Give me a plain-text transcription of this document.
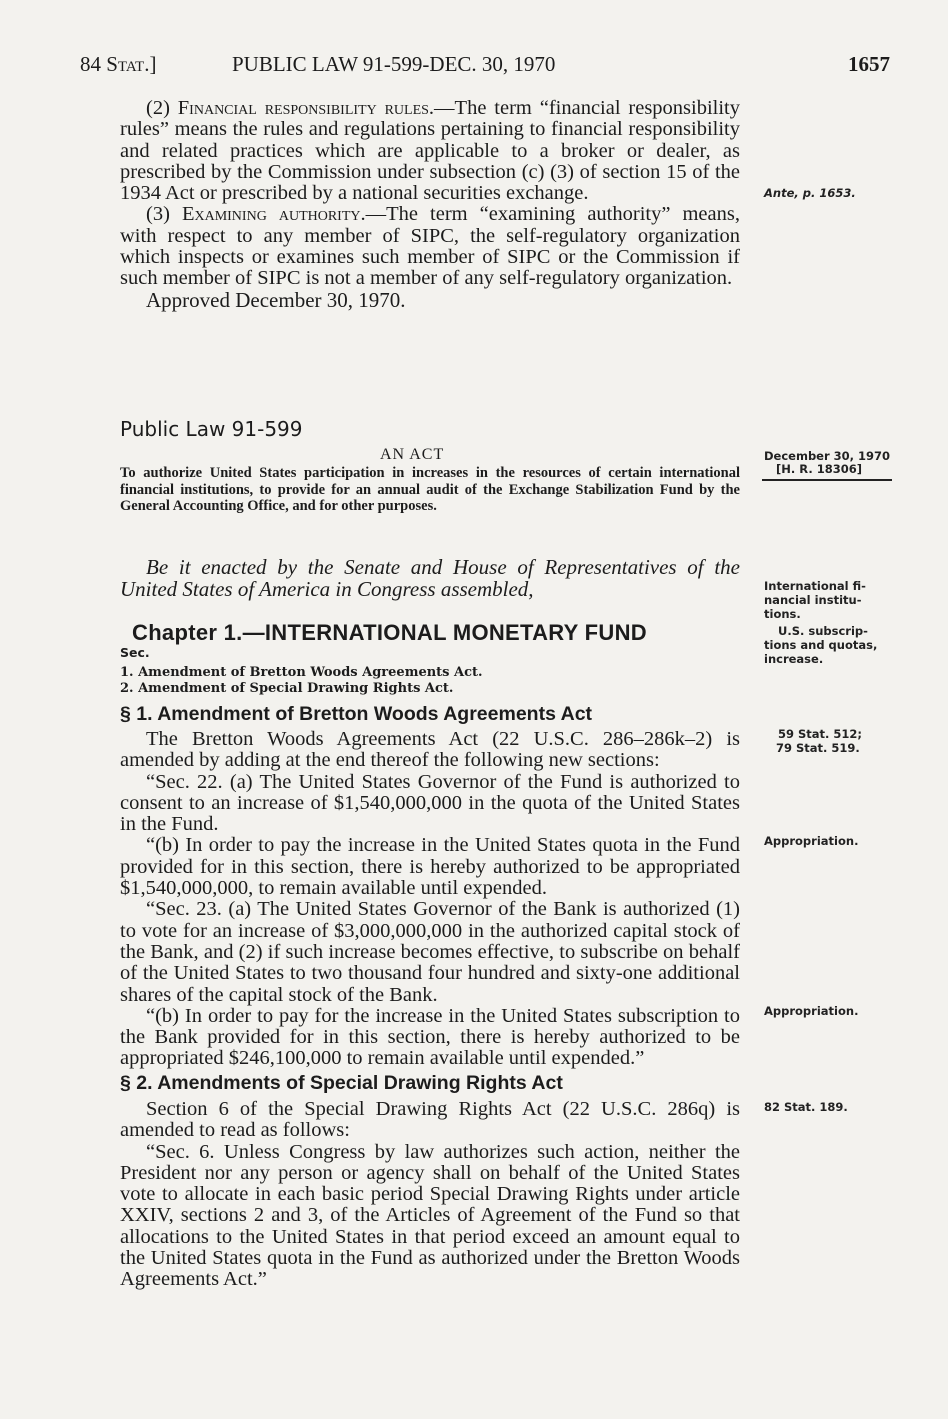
84 Stat.]	PUBLIC LAW 91-599-DEC. 30, 1970	1657

(2) Financial responsibility rules.—The term “financial responsibility rules” means the rules and regulations pertaining to financial responsibility and related practices which are applicable to a broker or dealer, as prescribed by the Commission under subsection (c) (3) of section 15 of the 1934 Act or prescribed by a national securities exchange.

(3) Examining authority.—The term “examining authority” means, with respect to any member of SIPC, the self-regulatory organization which inspects or examines such member of SIPC or the Commission if such member of SIPC is not a member of any self-regulatory organization.

Approved December 30, 1970.

Public Law 91-599
AN ACT
To authorize United States participation in increases in the resources of certain international financial institutions, to provide for an annual audit of the Exchange Stabilization Fund by the General Accounting Office, and for other purposes.
Be it enacted by the Senate and House of Representatives of the United States of America in Congress assembled,
Chapter 1.—INTERNATIONAL MONETARY FUND
Sec.
1. Amendment of Bretton Woods Agreements Act.
2. Amendment of Special Drawing Rights Act.
§ 1. Amendment of Bretton Woods Agreements Act

The Bretton Woods Agreements Act (22 U.S.C. 286–286k–2) is amended by adding at the end thereof the following new sections:

“Sec. 22. (a) The United States Governor of the Fund is authorized to consent to an increase of $1,540,000,000 in the quota of the United States in the Fund.

“(b) In order to pay the increase in the United States quota in the Fund provided for in this section, there is hereby authorized to be appropriated $1,540,000,000, to remain available until expended.

“Sec. 23. (a) The United States Governor of the Bank is authorized (1) to vote for an increase of $3,000,000,000 in the authorized capital stock of the Bank, and (2) if such increase becomes effective, to subscribe on behalf of the United States to two thousand four hundred and sixty-one additional shares of the capital stock of the Bank.

“(b) In order to pay for the increase in the United States subscription to the Bank provided for in this section, there is hereby authorized to be appropriated $246,100,000 to remain available until expended.”

§ 2. Amendments of Special Drawing Rights Act

Section 6 of the Special Drawing Rights Act (22 U.S.C. 286q) is amended to read as follows:

“Sec. 6. Unless Congress by law authorizes such action, neither the President nor any person or agency shall on behalf of the United States vote to allocate in each basic period Special Drawing Rights under article XXIV, sections 2 and 3, of the Articles of Agreement of the Fund so that allocations to the United States in that period exceed an amount equal to the United States quota in the Fund as authorized under the Bretton Woods Agreements Act.”

Ante, p. 1653.
December 30, 1970
[H. R. 18306]
International fi-
nancial institu-
tions.
U.S. subscrip-
tions and quotas,
increase.
59 Stat. 512;
79 Stat. 519.
Appropriation.
Appropriation.
82 Stat. 189.
